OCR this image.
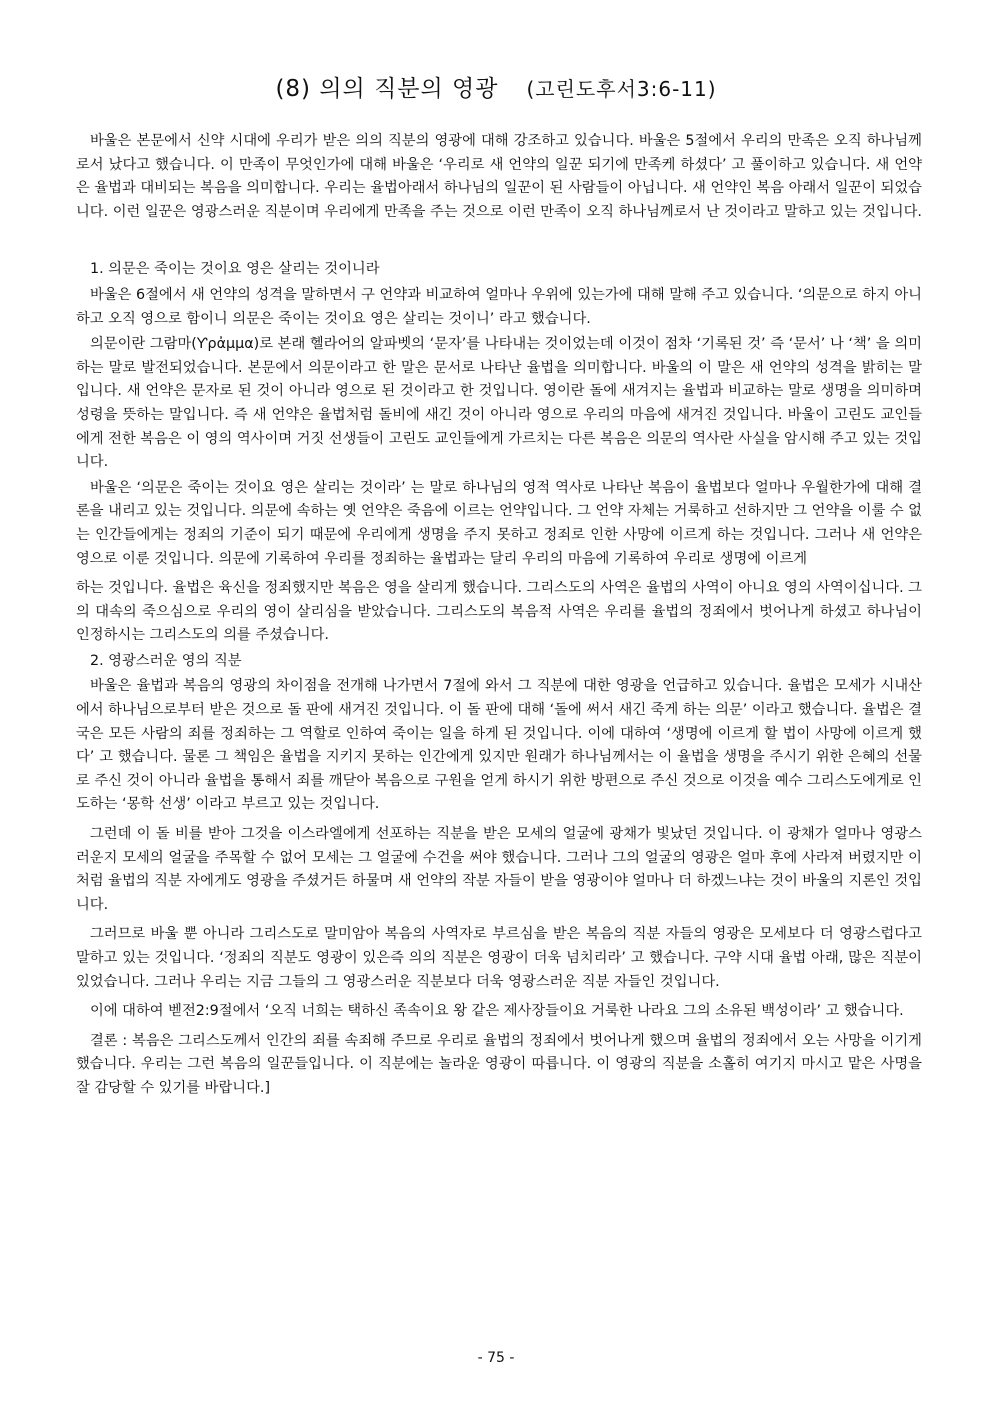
(8) 의의 직분의 영광 (고린도후서3:6-11)

바울은 본문에서 신약 시대에 우리가 받은 의의 직분의 영광에 대해 강조하고 있습니다. 바울은 5절에서 우리의 만족은 오직 하나님께로서 났다고 했습니다. 이 만족이 무엇인가에 대해 바울은 ‘우리로 새 언약의 일꾼 되기에 만족케 하셨다’ 고 풀이하고 있습니다. 새 언약은 율법과 대비되는 복음을 의미합니다. 우리는 율법아래서 하나님의 일꾼이 된 사람들이 아닙니다. 새 언약인 복음 아래서 일꾼이 되었습니다. 이런 일꾼은 영광스러운 직분이며 우리에게 만족을 주는 것으로 이런 만족이 오직 하나님께로서 난 것이라고 말하고 있는 것입니다.

1. 의문은 죽이는 것이요 영은 살리는 것이니라

바울은 6절에서 새 언약의 성격을 말하면서 구 언약과 비교하여 얼마나 우위에 있는가에 대해 말해 주고 있습니다. ‘의문으로 하지 아니하고 오직 영으로 함이니 의문은 죽이는 것이요 영은 살리는 것이니’ 라고 했습니다.

의문이란 그람마(Ƴρἀμμα)로 본래 헬라어의 알파벳의 ‘문자’를 나타내는 것이었는데 이것이 점차 ‘기록된 것’ 즉 ‘문서’ 나 ‘책’ 을 의미하는 말로 발전되었습니다. 본문에서 의문이라고 한 말은 문서로 나타난 율법을 의미합니다. 바울의 이 말은 새 언약의 성격을 밝히는 말입니다. 새 언약은 문자로 된 것이 아니라 영으로 된 것이라고 한 것입니다. 영이란 돌에 새겨지는 율법과 비교하는 말로 생명을 의미하며 성령을 뜻하는 말입니다. 즉 새 언약은 율법처럼 돌비에 새긴 것이 아니라 영으로 우리의 마음에 새겨진 것입니다. 바울이 고린도 교인들에게 전한 복음은 이 영의 역사이며 거짓 선생들이 고린도 교인들에게 가르치는 다른 복음은 의문의 역사란 사실을 암시해 주고 있는 것입니다.

바울은 ‘의문은 죽이는 것이요 영은 살리는 것이라’ 는 말로 하나님의 영적 역사로 나타난 복음이 율법보다 얼마나 우월한가에 대해 결론을 내리고 있는 것입니다. 의문에 속하는 옛 언약은 죽음에 이르는 언약입니다. 그 언약 자체는 거룩하고 선하지만 그 언약을 이룰 수 없는 인간들에게는 정죄의 기준이 되기 때문에 우리에게 생명을 주지 못하고 정죄로 인한 사망에 이르게 하는 것입니다. 그러나 새 언약은 영으로 이룬 것입니다. 의문에 기록하여 우리를 정죄하는 율법과는 달리 우리의 마음에 기록하여 우리로 생명에 이르게

하는 것입니다. 율법은 육신을 정죄했지만 복음은 영을 살리게 했습니다. 그리스도의 사역은 율법의 사역이 아니요 영의 사역이십니다. 그의 대속의 죽으심으로 우리의 영이 살리심을 받았습니다. 그리스도의 복음적 사역은 우리를 율법의 정죄에서 벗어나게 하셨고 하나님이 인정하시는 그리스도의 의를 주셨습니다.

2. 영광스러운 영의 직분

바울은 율법과 복음의 영광의 차이점을 전개해 나가면서 7절에 와서 그 직분에 대한 영광을 언급하고 있습니다. 율법은 모세가 시내산에서 하나님으로부터 받은 것으로 돌 판에 새겨진 것입니다. 이 돌 판에 대해 ‘돌에 써서 새긴 죽게 하는 의문’ 이라고 했습니다. 율법은 결국은 모든 사람의 죄를 정죄하는 그 역할로 인하여 죽이는 일을 하게 된 것입니다. 이에 대하여 ‘생명에 이르게 할 법이 사망에 이르게 했다’ 고 했습니다. 물론 그 책임은 율법을 지키지 못하는 인간에게 있지만 원래가 하나님께서는 이 율법을 생명을 주시기 위한 은혜의 선물로 주신 것이 아니라 율법을 통해서 죄를 깨닫아 복음으로 구원을 얻게 하시기 위한 방편으로 주신 것으로 이것을 예수 그리스도에게로 인도하는 ‘몽학 선생’ 이라고 부르고 있는 것입니다.

그런데 이 돌 비를 받아 그것을 이스라엘에게 선포하는 직분을 받은 모세의 얼굴에 광채가 빛났던 것입니다. 이 광채가 얼마나 영광스러운지 모세의 얼굴을 주목할 수 없어 모세는 그 얼굴에 수건을 써야 했습니다. 그러나 그의 얼굴의 영광은 얼마 후에 사라져 버렸지만 이처럼 율법의 직분 자에게도 영광을 주셨거든 하물며 새 언약의 작분 자들이 받을 영광이야 얼마나 더 하겠느냐는 것이 바울의 지론인 것입니다.

그러므로 바울 뿐 아니라 그리스도로 말미암아 복음의 사역자로 부르심을 받은 복음의 직분 자들의 영광은 모세보다 더 영광스럽다고 말하고 있는 것입니다. ‘정죄의 직분도 영광이 있은즉 의의 직분은 영광이 더욱 넘치리라’ 고 했습니다. 구약 시대 율법 아래, 많은 직분이 있었습니다. 그러나 우리는 지금 그들의 그 영광스러운 직분보다 더욱 영광스러운 직분 자들인 것입니다.

이에 대하여 벧전2:9절에서 ‘오직 너희는 택하신 족속이요 왕 같은 제사장들이요 거룩한 나라요 그의 소유된 백성이라’ 고 했습니다.

결론 : 복음은 그리스도께서 인간의 죄를 속죄해 주므로 우리로 율법의 정죄에서 벗어나게 했으며 율법의 정죄에서 오는 사망을 이기게 했습니다. 우리는 그런 복음의 일꾼들입니다. 이 직분에는 놀라운 영광이 따릅니다. 이 영광의 직분을 소홀히 여기지 마시고 맡은 사명을 잘 감당할 수 있기를 바랍니다.]

- 75 -
